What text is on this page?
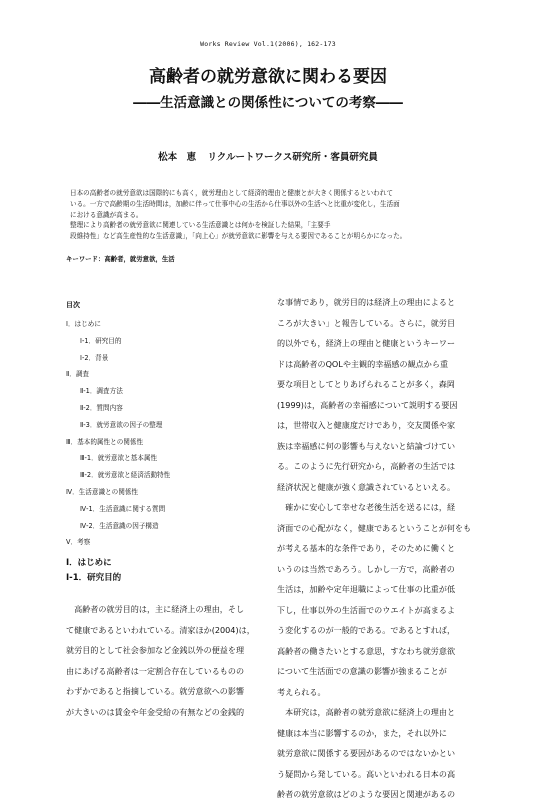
Works Review Vol.1(2006), 162-173
高齢者の就労意欲に関わる要因
――生活意識との関係性についての考察――
松本　恵 リクルートワークス研究所・客員研究員
日本の高齢者の就労意欲は国際的にも高く，就労理由として経済的理由と健康とが大きく関係するといわれて
いる。一方で高齢期の生活時間は，加齢に伴って仕事中心の生活から仕事以外の生活へと比重が変化し，生活面
における意識が高まる。
整理により高齢者の就労意欲に関連している生活意識とは何かを検証した結果，「主要手
段維持性」など高生産性的な生活意識」，「向上心」が就労意欲に影響を与える要因であることが明らかになった。
キーワード：高齢者，就労意欲，生活
目次
Ⅰ．はじめに
Ⅰ-1．研究目的
Ⅰ-2．背景
Ⅱ．調査
Ⅱ-1．調査方法
Ⅱ-2．質問内容
Ⅱ-3．就労意欲の因子の整理
Ⅲ．基本的属性との関係性
Ⅲ-1．就労意欲と基本属性
Ⅲ-2．就労意欲と経済活動特性
Ⅳ．生活意識との関係性
Ⅳ-1．生活意識に関する質問
Ⅳ-2．生活意識の因子構造
Ⅴ．考察
Ⅰ．はじめに
Ⅰ-1．研究目的
　高齢者の就労目的は，主に経済上の理由，そし
て健康であるといわれている。清家ほか(2004)は，
就労目的として社会参加など金銭以外の便益を理
由にあげる高齢者は一定割合存在しているものの
わずかであると指摘している。就労意欲への影響
が大きいのは賃金や年金受給の有無などの金銭的
な事情であり，就労目的は経済上の理由によると
ころが大きい」と報告している。さらに，就労目
的以外でも，経済上の理由と健康というキーワー
ドは高齢者のQOLや主観的幸福感の観点から重
要な項目としてとりあげられることが多く，森岡
(1999)は，高齢者の幸福感について説明する要因
は，世帯収入と健康度だけであり，交友関係や家
族は幸福感に何の影響も与えないと結論づけてい
る。このように先行研究から，高齢者の生活では
経済状況と健康が強く意識されているといえる。
　確かに安心して幸せな老後生活を送るには，経
済面での心配がなく，健康であるということが何をも
が考える基本的な条件であり，そのために働くと
いうのは当然であろう。しかし一方で，高齢者の
生活は，加齢や定年退職によって仕事の比重が低
下し，仕事以外の生活面でのウエイトが高まるよ
う変化するのが一般的である。であるとすれば，
高齢者の働きたいとする意思，すなわち就労意欲
について生活面での意識の影響が強まることが
考えられる。
　本研究は，高齢者の就労意欲に経済上の理由と
健康は本当に影響するのか，また，それ以外に
就労意欲に関係する要因があるのではないかとい
う疑問から発している。高いといわれる日本の高
齢者の就労意欲はどのような要因と関連があるの
